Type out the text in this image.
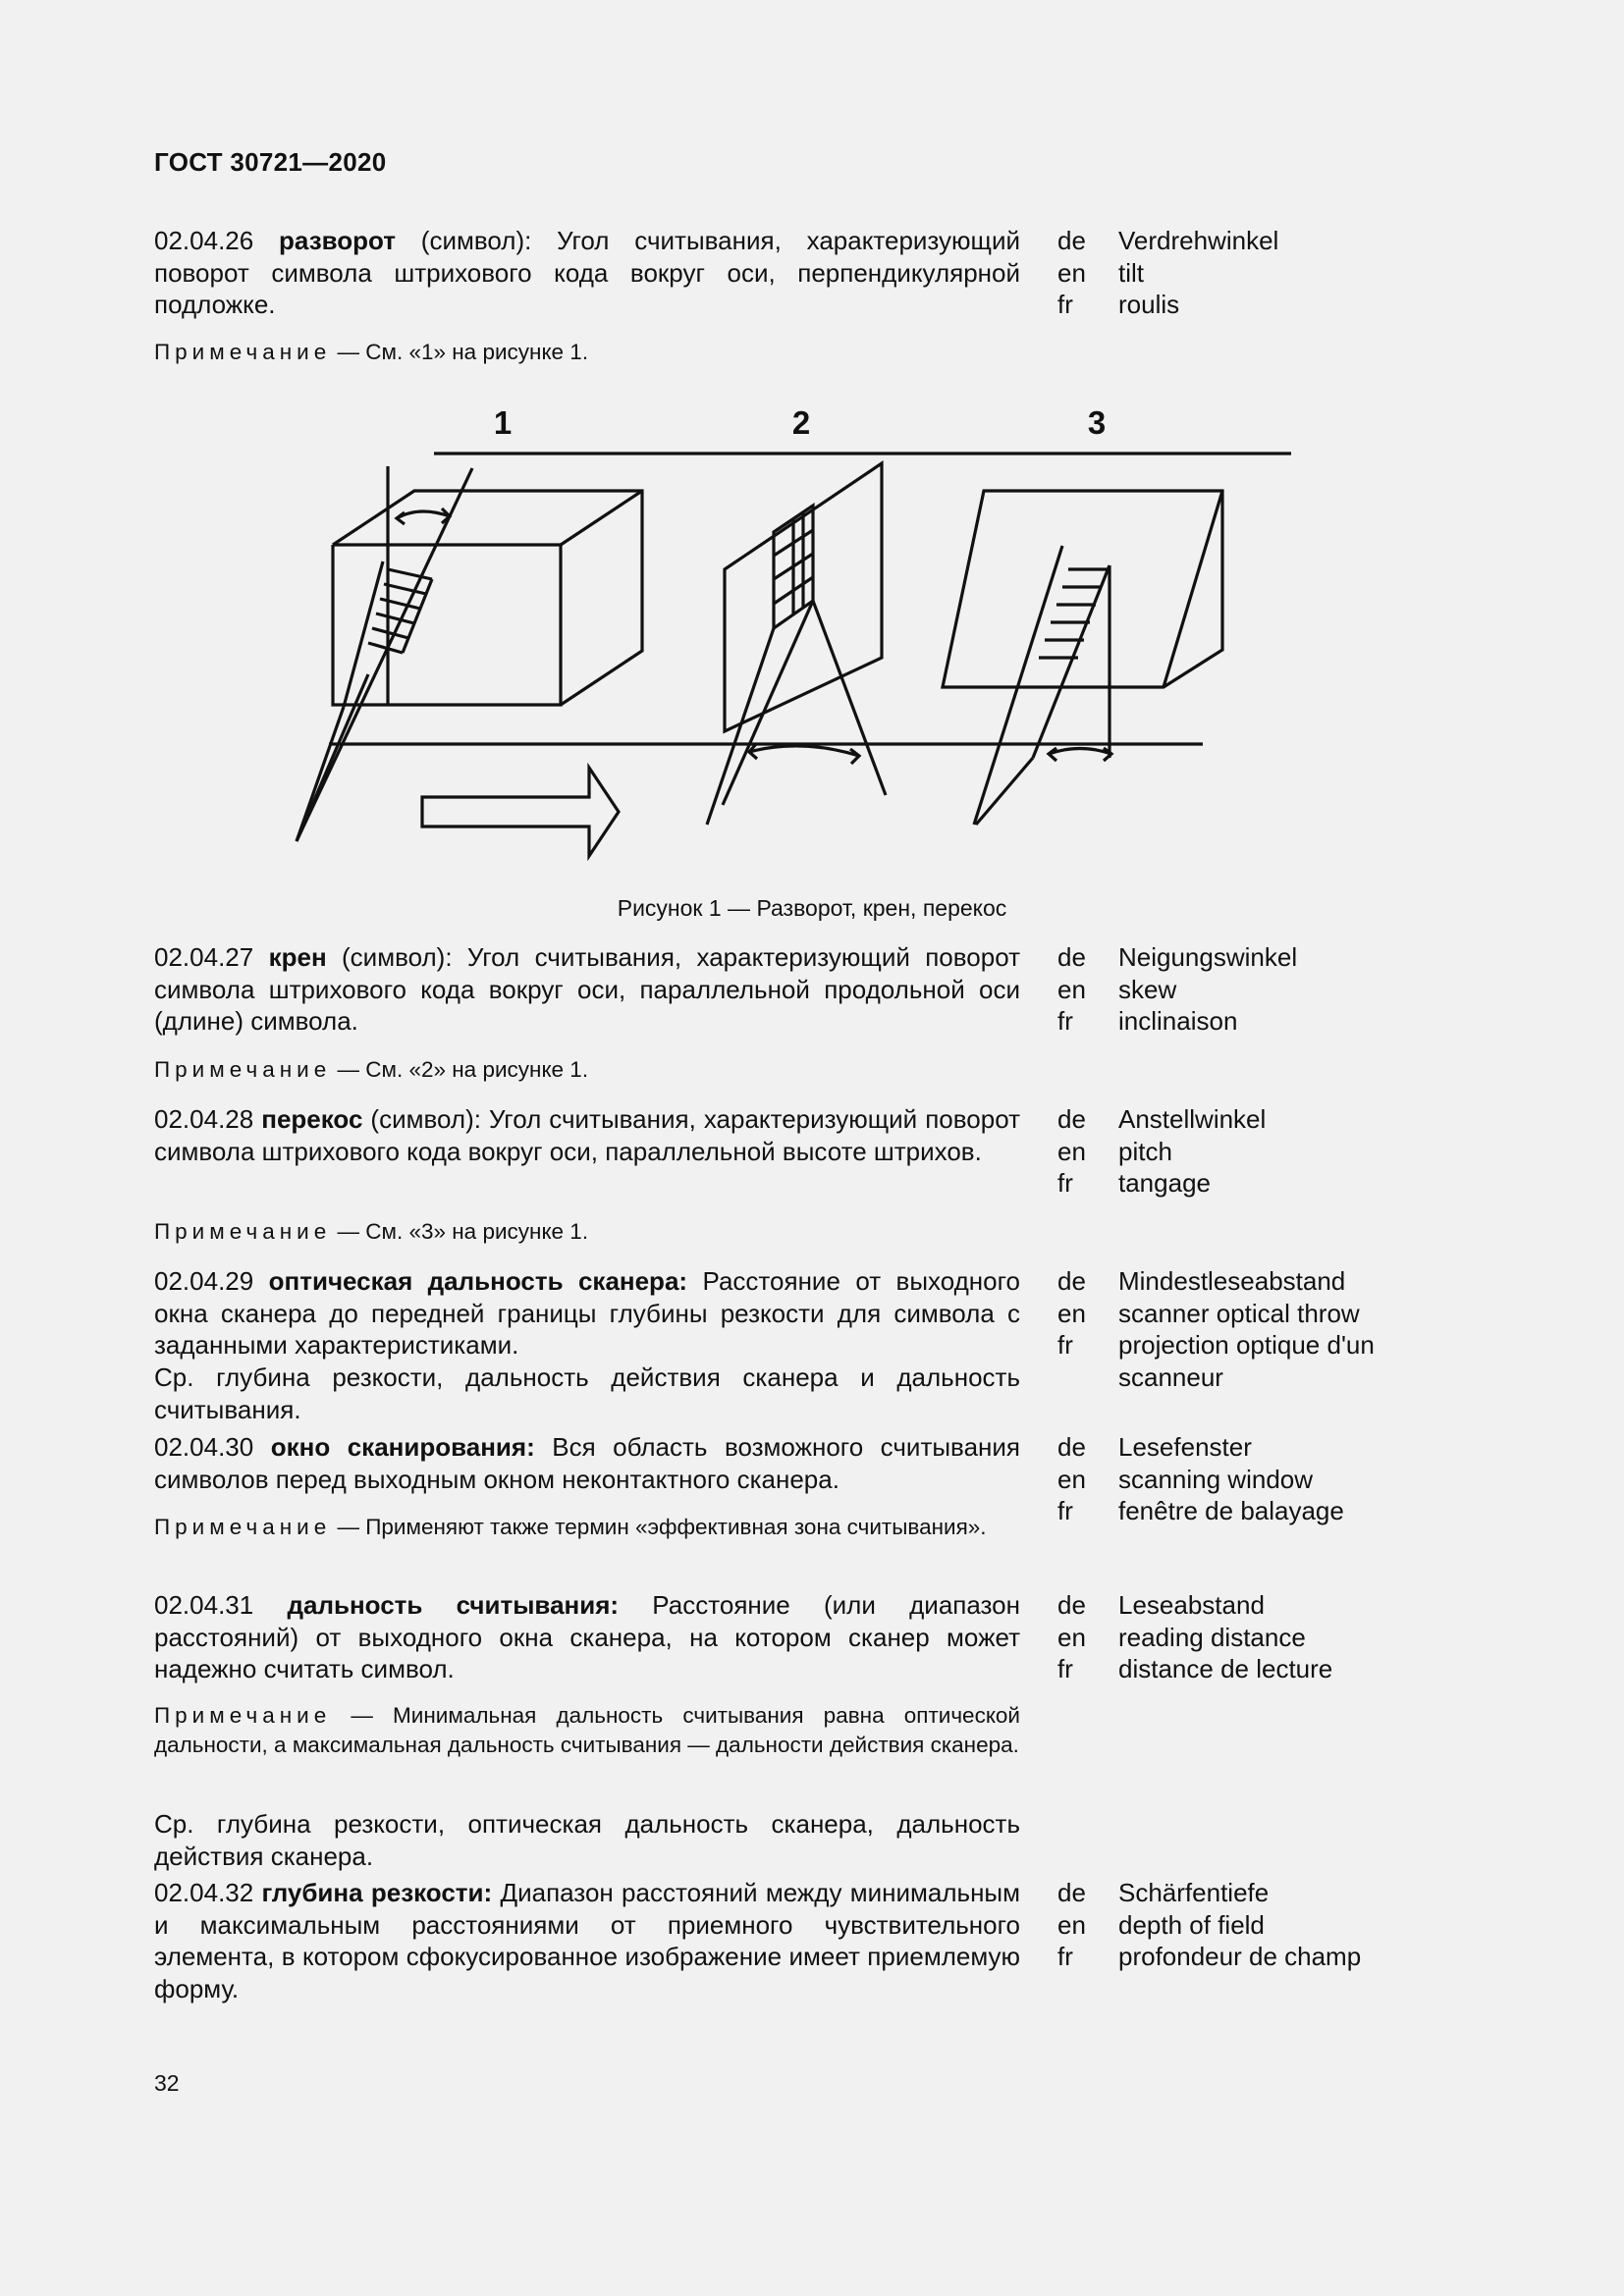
ГОСТ 30721—2020
02.04.26 разворот (символ): Угол считывания, характеризующий поворот символа штрихового кода вокруг оси, перпендикулярной подложке.
de	Verdrehwinkel
en	tilt
fr	roulis
Примечание — См. «1» на рисунке 1.
1	2	3
Рисунок 1 — Разворот, крен, перекос
02.04.27 крен (символ): Угол считывания, характеризующий поворот символа штрихового кода вокруг оси, параллельной продольной оси (длине) символа.
de	Neigungswinkel
en	skew
fr	inclinaison
Примечание — См. «2» на рисунке 1.
02.04.28 перекос (символ): Угол считывания, характеризующий поворот символа штрихового кода вокруг оси, параллельной высоте штрихов.
de	Anstellwinkel
en	pitch
fr	tangage
Примечание — См. «3» на рисунке 1.
02.04.29 оптическая дальность сканера: Расстояние от выходного окна сканера до передней границы глубины резкости для символа с заданными характеристиками.
de	Mindestleseabstand
en	scanner optical throw
fr	projection optique d'un scanneur
Ср. глубина резкости, дальность действия сканера и дальность считывания.
02.04.30 окно сканирования: Вся область возможного считывания символов перед выходным окном неконтактного сканера.
de	Lesefenster
en	scanning window
fr	fenêtre de balayage
Примечание — Применяют также термин «эффективная зона считывания».
02.04.31 дальность считывания: Расстояние (или диапазон расстояний) от выходного окна сканера, на котором сканер может надежно считать символ.
de	Leseabstand
en	reading distance
fr	distance de lecture
Примечание — Минимальная дальность считывания равна оптической дальности, а максимальная дальность считывания — дальности действия сканера.
Ср. глубина резкости, оптическая дальность сканера, дальность действия сканера.
02.04.32 глубина резкости: Диапазон расстояний между минимальным и максимальным расстояниями от приемного чувствительного элемента, в котором сфокусированное изображение имеет приемлемую форму.
de	Schärfentiefe
en	depth of field
fr	profondeur de champ
32
